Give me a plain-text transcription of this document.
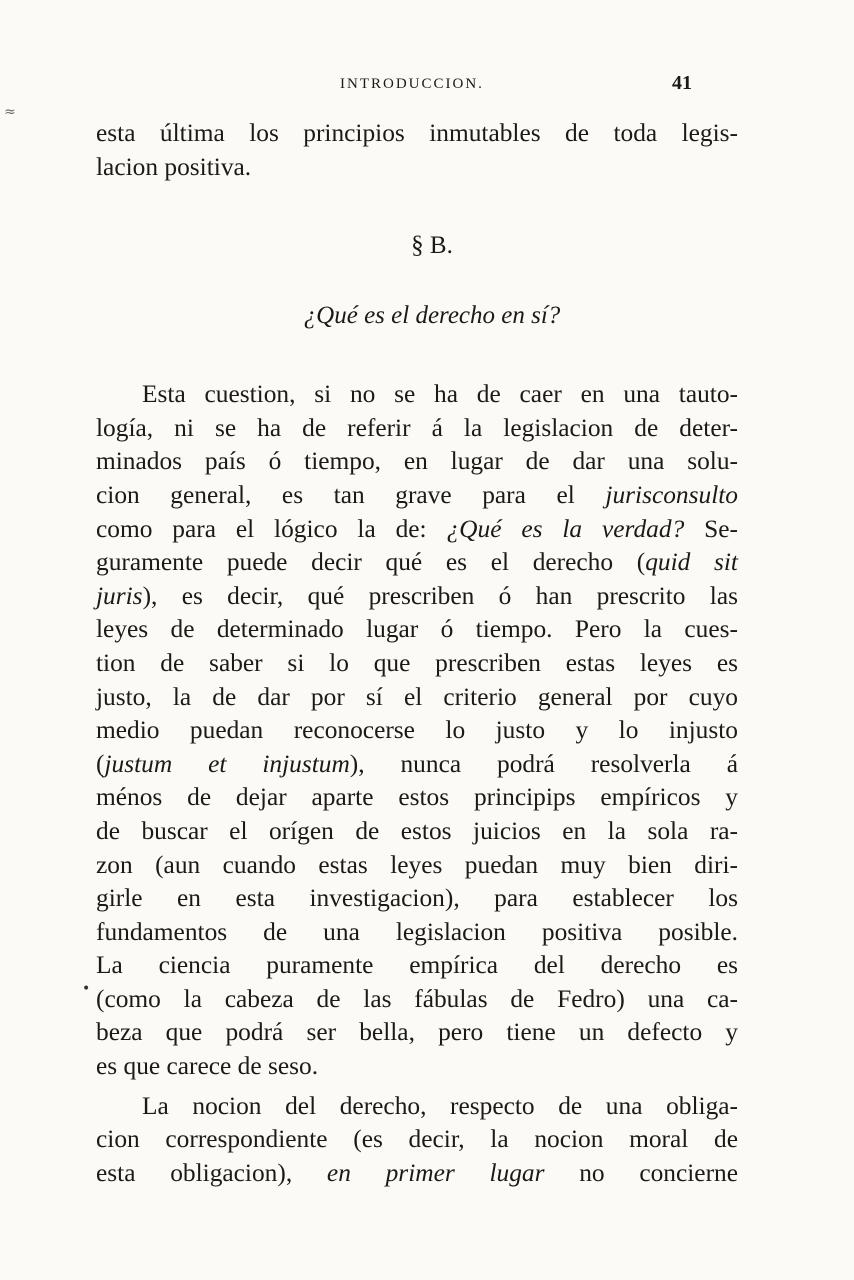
INTRODUCCION.	41
≈
esta última los principios inmutables de toda legis-
lacion positiva.
§ B.
¿Qué es el derecho en sí?
Esta cuestion, si no se ha de caer en una tauto-
logía, ni se ha de referir á la legislacion de deter-
minados país ó tiempo, en lugar de dar una solu-
cion general, es tan grave para el jurisconsulto
como para el lógico la de: ¿Qué es la verdad? Se-
guramente puede decir qué es el derecho (quid sit
juris), es decir, qué prescriben ó han prescrito las
leyes de determinado lugar ó tiempo. Pero la cues-
tion de saber si lo que prescriben estas leyes es
justo, la de dar por sí el criterio general por cuyo
medio puedan reconocerse lo justo y lo injusto
(justum et injustum), nunca podrá resolverla á
ménos de dejar aparte estos principips empíricos y
de buscar el orígen de estos juicios en la sola ra-
zon (aun cuando estas leyes puedan muy bien diri-
girle en esta investigacion), para establecer los
fundamentos de una legislacion positiva posible.
La ciencia puramente empírica del derecho es
(como la cabeza de las fábulas de Fedro) una ca-
beza que podrá ser bella, pero tiene un defecto y
es que carece de seso.
La nocion del derecho, respecto de una obliga-
cion correspondiente (es decir, la nocion moral de
esta obligacion), en primer lugar no concierne
•
